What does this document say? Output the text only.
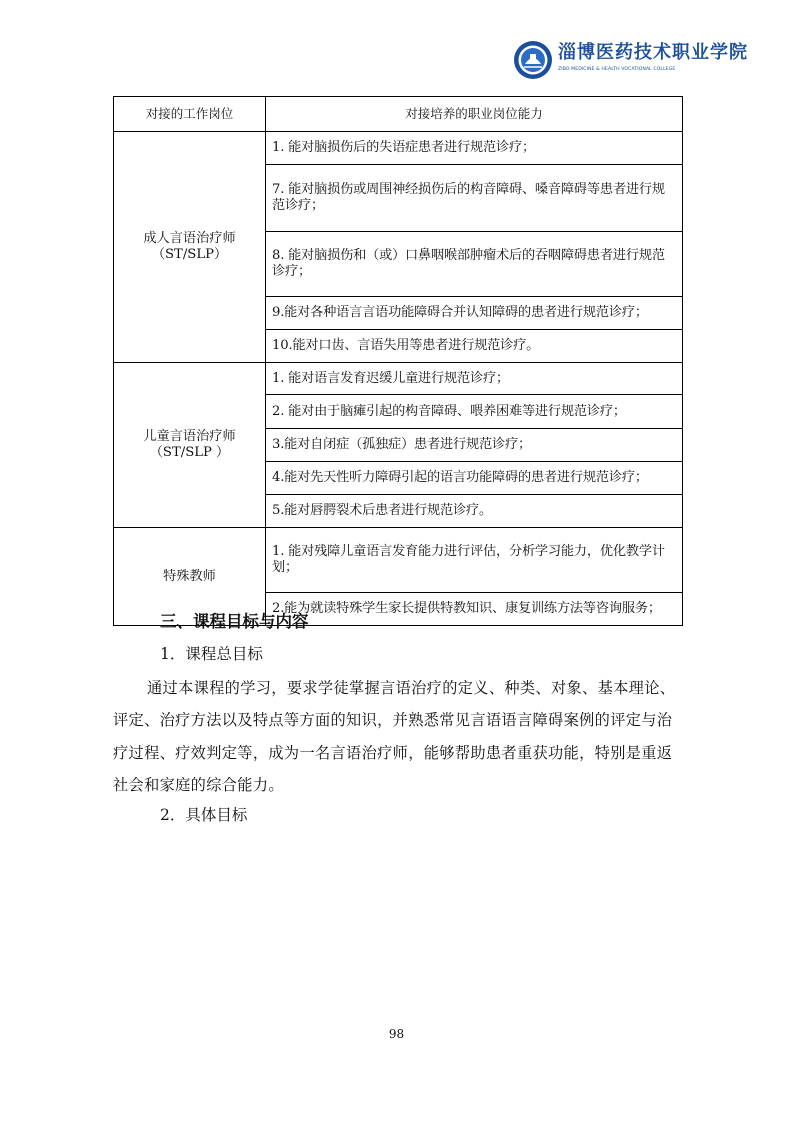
淄博医药技术职业学院
ZIBO MEDICINE & HEALTH VOCATIONAL COLLEGE
对接的工作岗位	对接培养的职业岗位能力

成人言语治疗师
（ST/SLP）	1. 能对脑损伤后的失语症患者进行规范诊疗；
	7. 能对脑损伤或周围神经损伤后的构音障碍、嗓音障碍等患者进行规范诊疗；
	8. 能对脑损伤和（或）口鼻咽喉部肿瘤术后的吞咽障碍患者进行规范诊疗；
	9.能对各种语言言语功能障碍合并认知障碍的患者进行规范诊疗；
	10.能对口齿、言语失用等患者进行规范诊疗。

儿童言语治疗师
（ST/SLP ）	1. 能对语言发育迟缓儿童进行规范诊疗；
	2. 能对由于脑瘫引起的构音障碍、喂养困难等进行规范诊疗；
	3.能对自闭症（孤独症）患者进行规范诊疗；
	4.能对先天性听力障碍引起的语言功能障碍的患者进行规范诊疗；
	5.能对唇腭裂术后患者进行规范诊疗。

特殊教师	1. 能对残障儿童语言发育能力进行评估，分析学习能力，优化教学计划；
	2.能为就读特殊学生家长提供特教知识、康复训练方法等咨询服务；
三、课程目标与内容
1．课程总目标
通过本课程的学习，要求学徒掌握言语治疗的定义、种类、对象、基本理论、评定、治疗方法以及特点等方面的知识，并熟悉常见言语语言障碍案例的评定与治疗过程、疗效判定等，成为一名言语治疗师，能够帮助患者重获功能，特别是重返社会和家庭的综合能力。
2．具体目标
98
